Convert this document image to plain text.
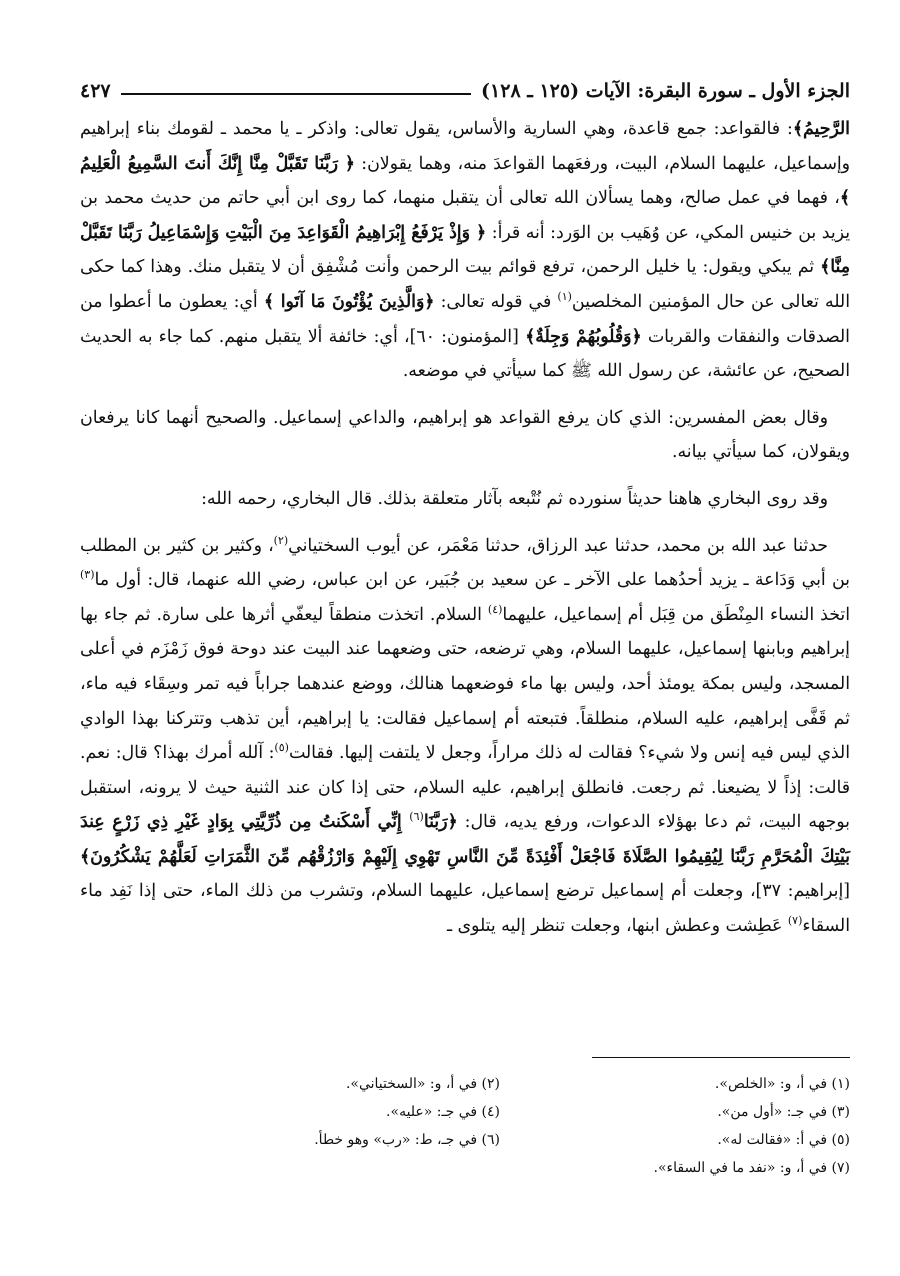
الجزء الأول ـ سورة البقرة: الآيات (١٢٥ ـ ١٢٨)
٤٢٧

الرَّحِيمُ﴾: فالقواعد: جمع قاعدة، وهي السارية والأساس، يقول تعالى: واذكر ـ يا محمد ـ لقومك بناء إبراهيم وإسماعيل، عليهما السلام، البيت، ورفعَهما القواعدَ منه، وهما يقولان: ﴿ رَبَّنَا تَقَبَّلْ مِنَّا إِنَّكَ أَنتَ السَّمِيعُ الْعَلِيمُ ﴾، فهما في عمل صالح، وهما يسألان الله تعالى أن يتقبل منهما، كما روى ابن أبي حاتم من حديث محمد بن يزيد بن خنيس المكي، عن وُهَيب بن الوَرد: أنه قرأ: ﴿ وَإِذْ يَرْفَعُ إِبْرَاهِيمُ الْقَوَاعِدَ مِنَ الْبَيْتِ وَإِسْمَاعِيلُ رَبَّنَا تَقَبَّلْ مِنَّا﴾ ثم يبكي ويقول: يا خليل الرحمن، ترفع قوائم بيت الرحمن وأنت مُشْفِق أن لا يتقبل منك. وهذا كما حكى الله تعالى عن حال المؤمنين المخلصين$^{(١)}$ في قوله تعالى: ﴿وَالَّذِينَ يُؤْتُونَ مَا آتَوا ﴾ أي: يعطون ما أعطوا من الصدقات والنفقات والقربات ﴿وَقُلُوبُهُمْ وَجِلَةٌ﴾ [المؤمنون: ٦٠]، أي: خائفة ألا يتقبل منهم. كما جاء به الحديث الصحيح، عن عائشة، عن رسول الله ﷺ كما سيأتي في موضعه.

وقال بعض المفسرين: الذي كان يرفع القواعد هو إبراهيم، والداعي إسماعيل. والصحيح أنهما كانا يرفعان ويقولان، كما سيأتي بيانه.

وقد روى البخاري هاهنا حديثاً سنورده ثم نُتْبعه بآثار متعلقة بذلك. قال البخاري، رحمه الله:

حدثنا عبد الله بن محمد، حدثنا عبد الرزاق، حدثنا مَعْمَر، عن أيوب السختياني$^{(٢)}$، وكثير بن كثير بن المطلب بن أبي وَدَاعة ـ يزيد أحدُهما على الآخر ـ عن سعيد بن جُبَير، عن ابن عباس، رضي الله عنهما، قال: أول ما$^{(٣)}$ اتخذ النساء المِنْطَق من قِبَل أم إسماعيل، عليهما$^{(٤)}$ السلام. اتخذت منطقاً ليعفّي أثرها على سارة. ثم جاء بها إبراهيم وبابنها إسماعيل، عليهما السلام، وهي ترضعه، حتى وضعهما عند البيت عند دوحة فوق زَمْزَم في أعلى المسجد، وليس بمكة يومئذ أحد، وليس بها ماء فوضعهما هنالك، ووضع عندهما جراباً فيه تمر وسِقَاء فيه ماء، ثم قَفَّى إبراهيم، عليه السلام، منطلقاً. فتبعته أم إسماعيل فقالت: يا إبراهيم، أين تذهب وتتركنا بهذا الوادي الذي ليس فيه إنس ولا شيء؟ فقالت له ذلك مراراً، وجعل لا يلتفت إليها. فقالت$^{(٥)}$: آلله أمرك بهذا؟ قال: نعم. قالت: إذاً لا يضيعنا. ثم رجعت. فانطلق إبراهيم، عليه السلام، حتى إذا كان عند الثنية حيث لا يرونه، استقبل بوجهه البيت، ثم دعا بهؤلاء الدعوات، ورفع يديه، قال: ﴿رَبَّنَا$^{(٦)}$ إِنِّي أَسْكَنتُ مِن ذُرِّيَّتِي بِوَادٍ غَيْرِ ذِي زَرْعٍ عِندَ بَيْتِكَ الْمُحَرَّمِ رَبَّنَا لِيُقِيمُوا الصَّلَاةَ فَاجْعَلْ أَفْئِدَةً مِّنَ النَّاسِ تَهْوِي إِلَيْهِمْ وَارْزُقْهُم مِّنَ الثَّمَرَاتِ لَعَلَّهُمْ يَشْكُرُونَ﴾ [إبراهيم: ٣٧]، وجعلت أم إسماعيل ترضع إسماعيل، عليهما السلام، وتشرب من ذلك الماء، حتى إذا نَفِد ماء السقاء$^{(٧)}$ عَطِشت وعطش ابنها، وجعلت تنظر إليه يتلوى ـ

(١) في أ، و: «الخلص».
(٢) في أ، و: «السختياني».
(٣) في جـ: «أول من».
(٤) في جـ: «عليه».
(٥) في أ: «فقالت له».
(٦) في جـ، ط: «رب» وهو خطأ.
(٧) في أ، و: «نفد ما في السقاء».
